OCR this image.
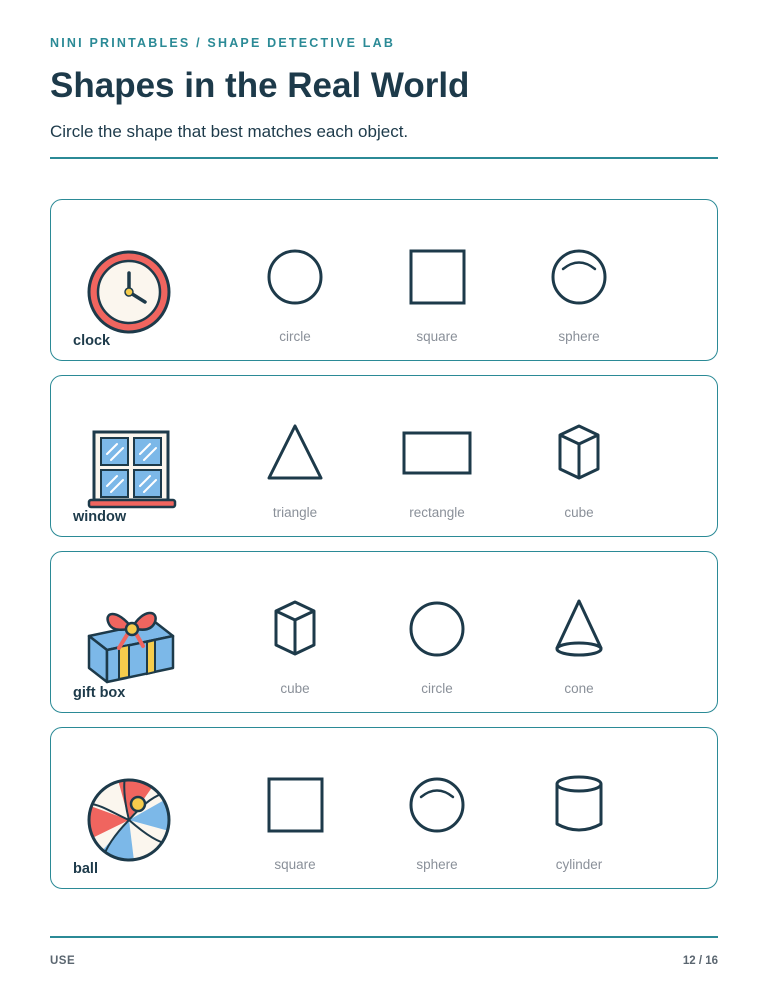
NINI PRINTABLES / SHAPE DETECTIVE LAB
Shapes in the Real World

Circle the shape that best matches each object.

clock	circle	square	sphere
window	triangle	rectangle	cube
gift box	cube	circle	cone
ball	square	sphere	cylinder
USE	12 / 16
